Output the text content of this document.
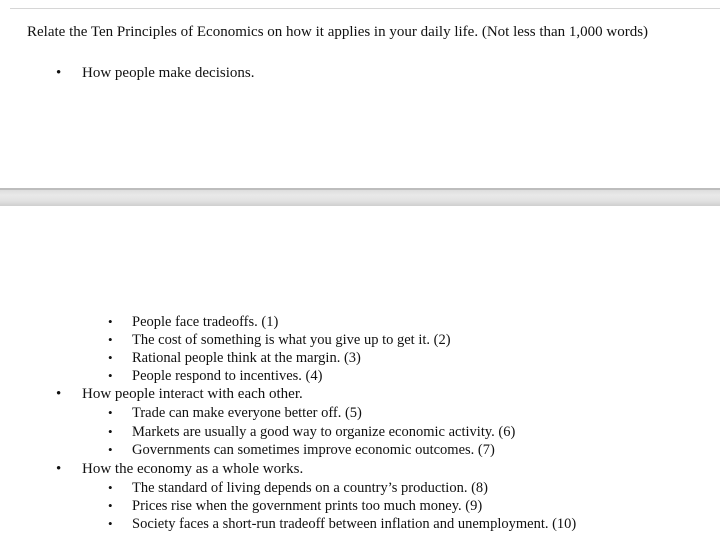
Relate the Ten Principles of Economics on how it applies in your daily life. (Not less than 1,000 words)
• How people make decisions.
• People face tradeoffs. (1)
• The cost of something is what you give up to get it. (2)
• Rational people think at the margin. (3)
• People respond to incentives. (4)
• How people interact with each other.
• Trade can make everyone better off. (5)
• Markets are usually a good way to organize economic activity. (6)
• Governments can sometimes improve economic outcomes. (7)
• How the economy as a whole works.
• The standard of living depends on a country’s production. (8)
• Prices rise when the government prints too much money. (9)
• Society faces a short-run tradeoff between inflation and unemployment. (10)
